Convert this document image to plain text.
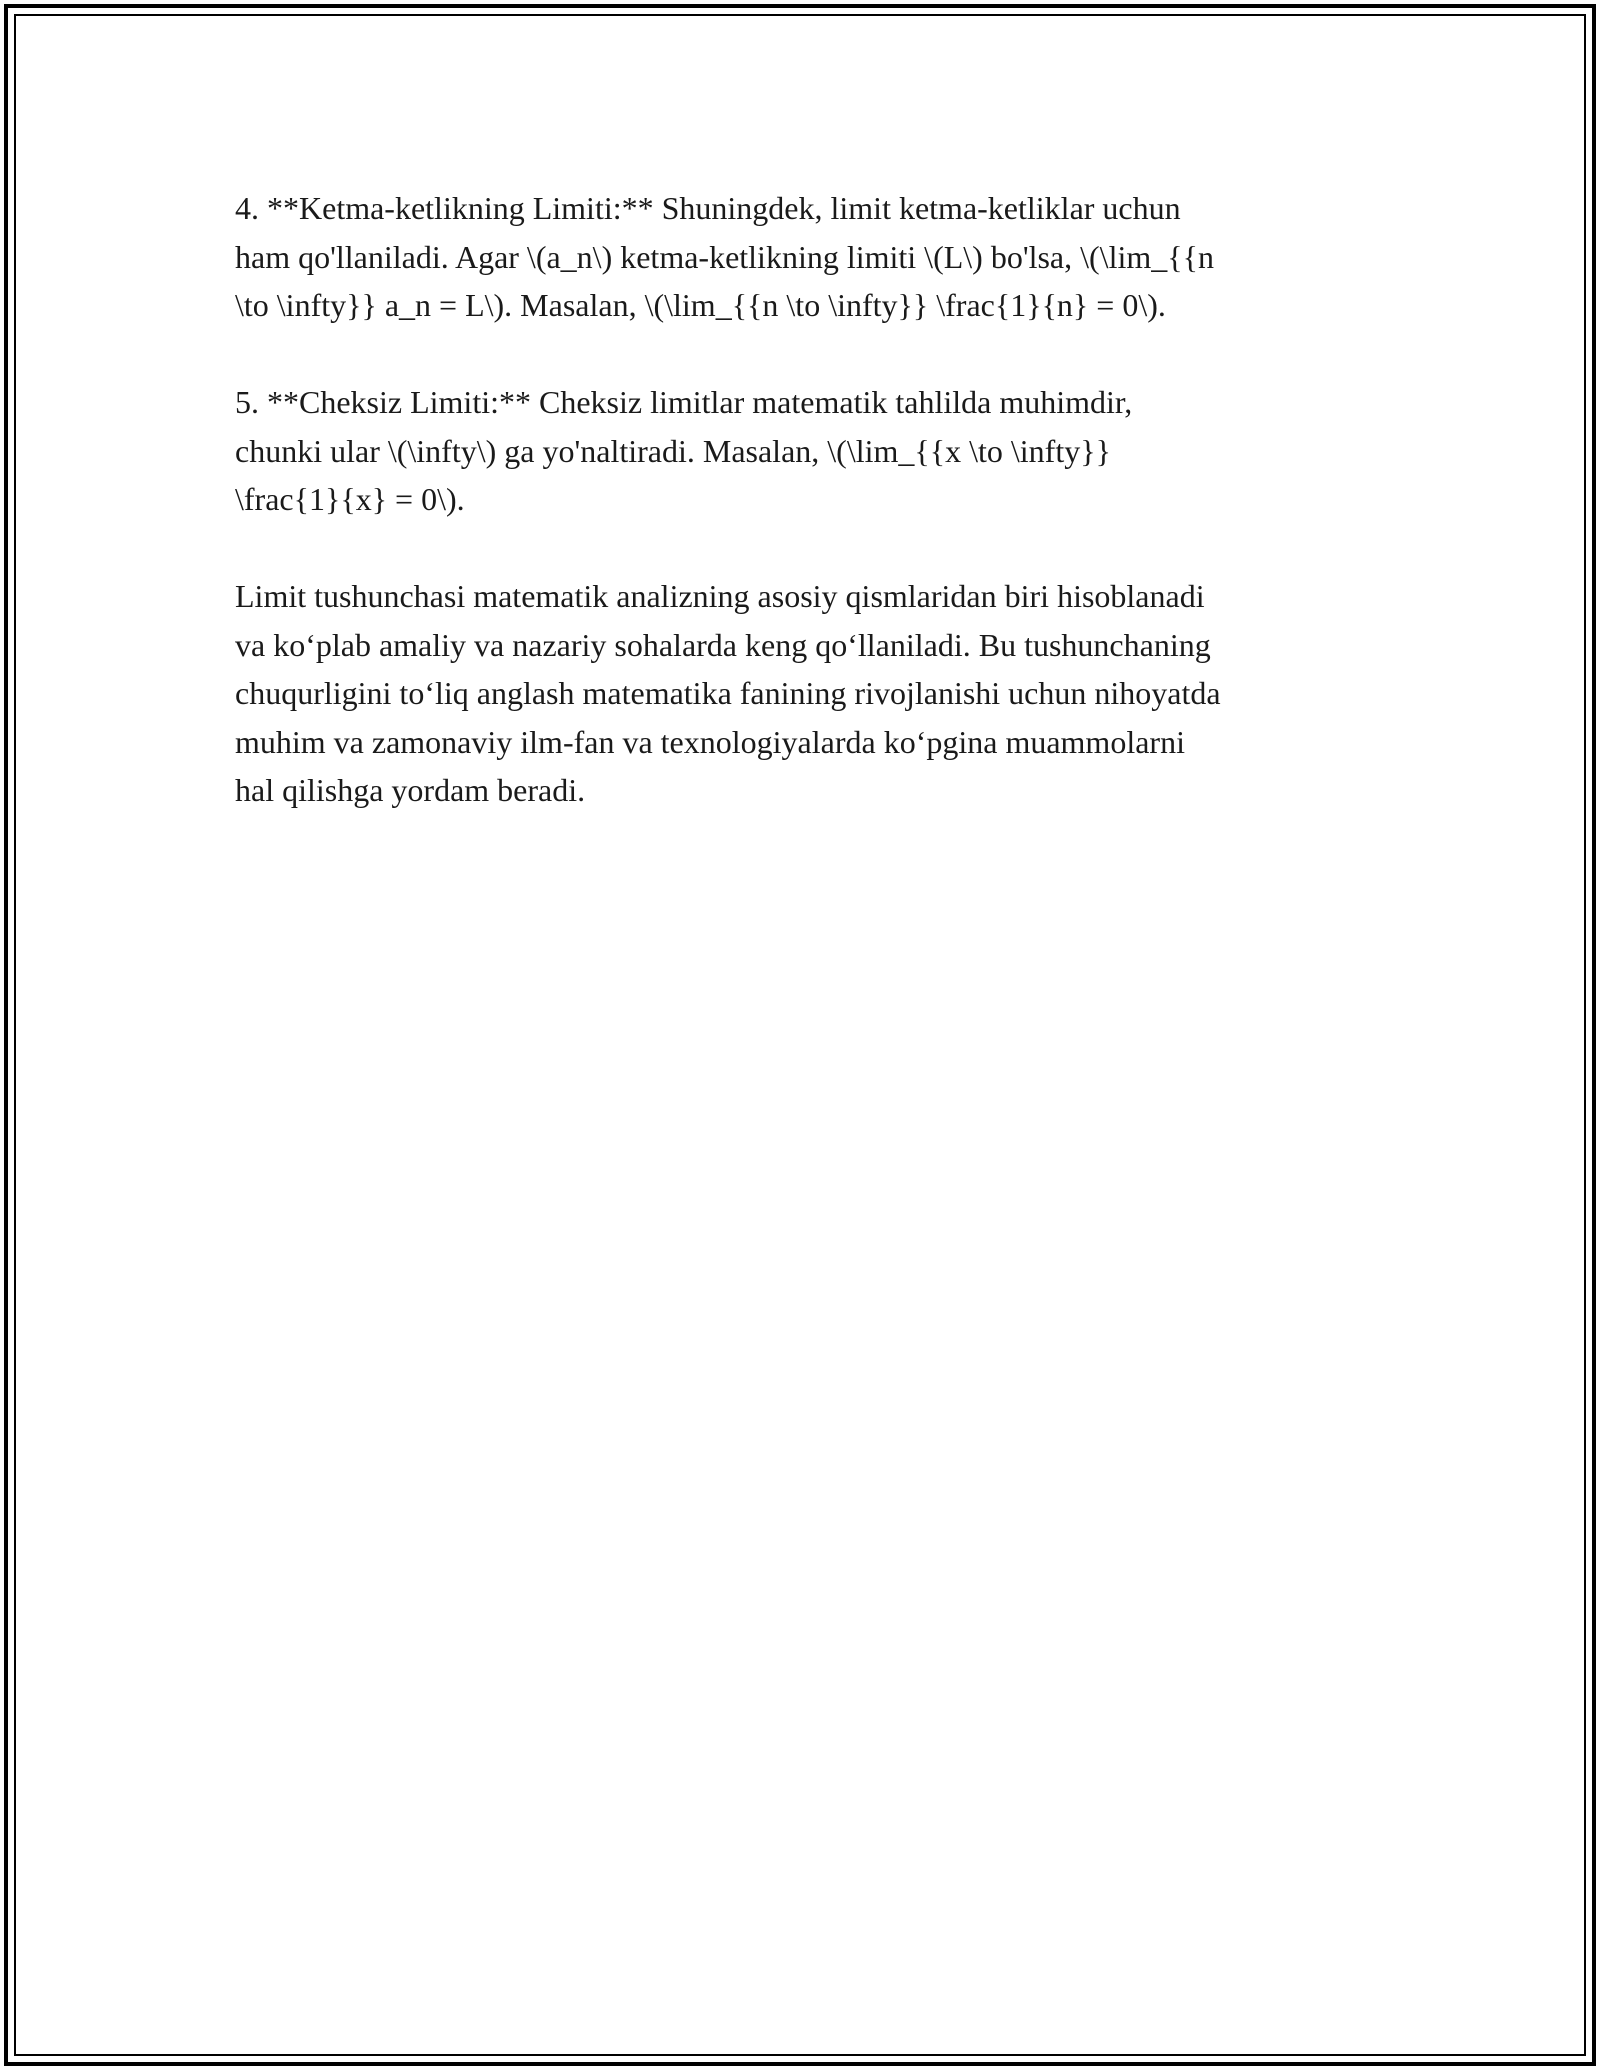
4. **Ketma-ketlikning Limiti:** Shuningdek, limit ketma-ketliklar uchun
ham qo'llaniladi. Agar \(a_n\) ketma-ketlikning limiti \(L\) bo'lsa, \(\lim_{{n
\to \infty}} a_n = L\). Masalan, \(\lim_{{n \to \infty}} \frac{1}{n} = 0\).

5. **Cheksiz Limiti:** Cheksiz limitlar matematik tahlilda muhimdir,
chunki ular \(\infty\) ga yo'naltiradi. Masalan, \(\lim_{{x \to \infty}}
\frac{1}{x} = 0\).

Limit tushunchasi matematik analizning asosiy qismlaridan biri hisoblanadi
va ko‘plab amaliy va nazariy sohalarda keng qo‘llaniladi. Bu tushunchaning
chuqurligini to‘liq anglash matematika fanining rivojlanishi uchun nihoyatda
muhim va zamonaviy ilm-fan va texnologiyalarda ko‘pgina muammolarni
hal qilishga yordam beradi.
